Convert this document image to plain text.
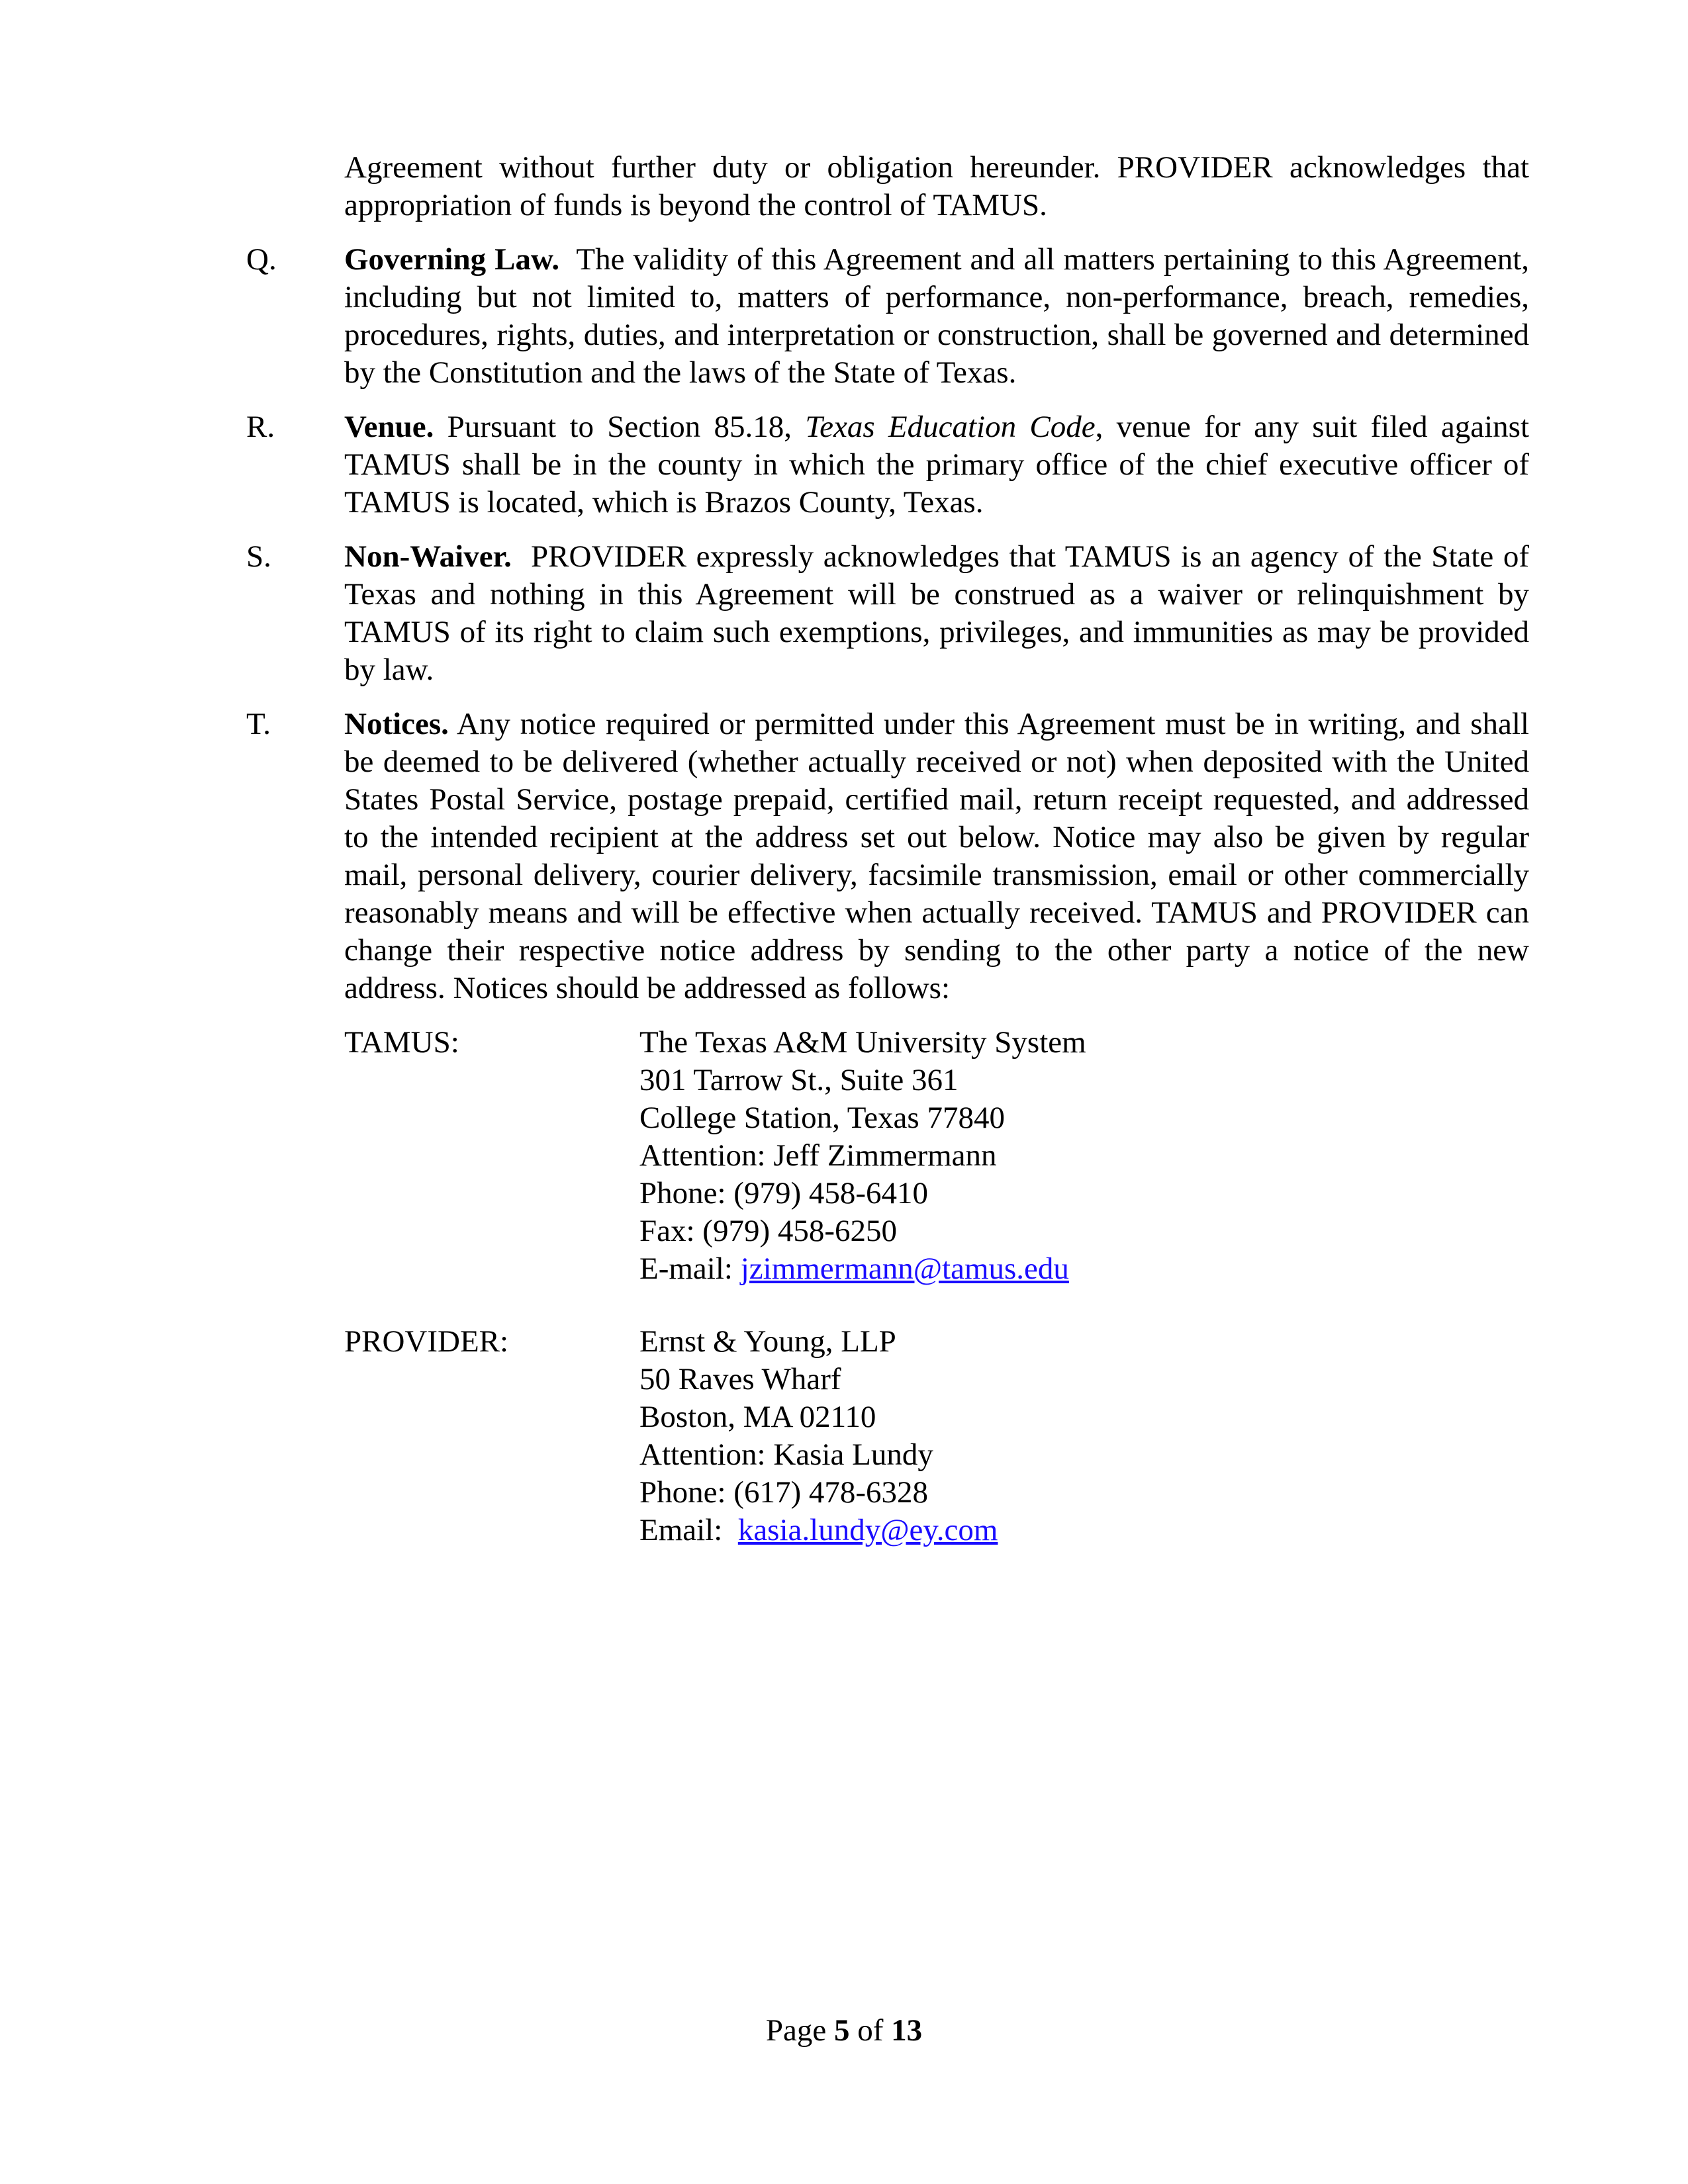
Agreement without further duty or obligation hereunder. PROVIDER acknowledges that appropriation of funds is beyond the control of TAMUS.
Q. Governing Law. The validity of this Agreement and all matters pertaining to this Agreement, including but not limited to, matters of performance, non-performance, breach, remedies, procedures, rights, duties, and interpretation or construction, shall be governed and determined by the Constitution and the laws of the State of Texas.
R. Venue. Pursuant to Section 85.18, Texas Education Code, venue for any suit filed against TAMUS shall be in the county in which the primary office of the chief executive officer of TAMUS is located, which is Brazos County, Texas.
S. Non-Waiver. PROVIDER expressly acknowledges that TAMUS is an agency of the State of Texas and nothing in this Agreement will be construed as a waiver or relinquishment by TAMUS of its right to claim such exemptions, privileges, and immunities as may be provided by law.
T. Notices. Any notice required or permitted under this Agreement must be in writing, and shall be deemed to be delivered (whether actually received or not) when deposited with the United States Postal Service, postage prepaid, certified mail, return receipt requested, and addressed to the intended recipient at the address set out below. Notice may also be given by regular mail, personal delivery, courier delivery, facsimile transmission, email or other commercially reasonably means and will be effective when actually received. TAMUS and PROVIDER can change their respective notice address by sending to the other party a notice of the new address. Notices should be addressed as follows:
TAMUS:	The Texas A&M University System
301 Tarrow St., Suite 361
College Station, Texas 77840
Attention: Jeff Zimmermann
Phone: (979) 458-6410
Fax: (979) 458-6250
E-mail: jzimmermann@tamus.edu
PROVIDER:	Ernst & Young, LLP
50 Raves Wharf
Boston, MA 02110
Attention: Kasia Lundy
Phone: (617) 478-6328
Email: kasia.lundy@ey.com
Page 5 of 13
